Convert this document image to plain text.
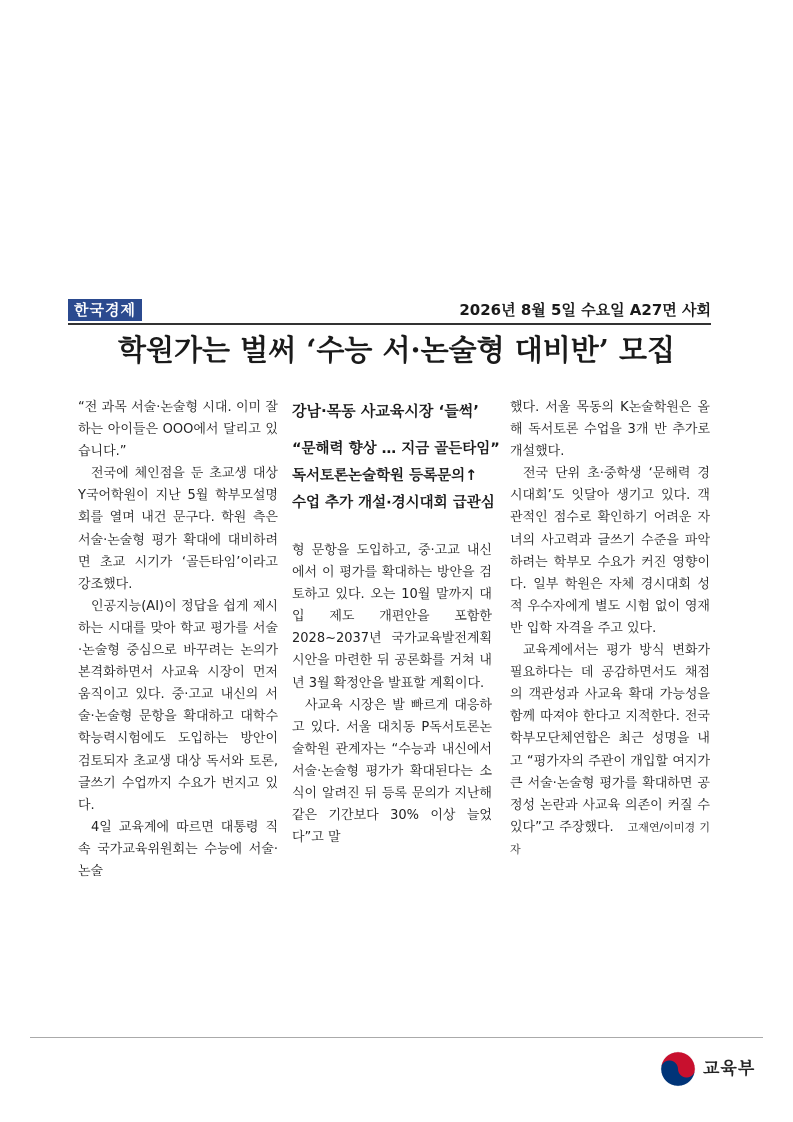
한국경제	2026년 8월 5일 수요일 A27면 사회
학원가는 벌써 ‘수능 서·논술형 대비반’ 모집

“전 과목 서술·논술형 시대. 이미 잘하는 아이들은 OOO에서 달리고 있습니다.”

전국에 체인점을 둔 초교생 대상 Y국어학원이 지난 5월 학부모설명회를 열며 내건 문구다. 학원 측은 서술·논술형 평가 확대에 대비하려면 초교 시기가 ‘골든타임’이라고 강조했다.

인공지능(AI)이 정답을 쉽게 제시하는 시대를 맞아 학교 평가를 서술·논술형 중심으로 바꾸려는 논의가 본격화하면서 사교육 시장이 먼저 움직이고 있다. 중·고교 내신의 서술·논술형 문항을 확대하고 대학수학능력시험에도 도입하는 방안이 검토되자 초교생 대상 독서와 토론, 글쓰기 수업까지 수요가 번지고 있다.

4일 교육계에 따르면 대통령 직속 국가교육위원회는 수능에 서술·논술

강남·목동 사교육시장 ‘들썩’
“문해력 향상 … 지금 골든타임”
독서토론논술학원 등록문의↑
수업 추가 개설·경시대회 급관심

형 문항을 도입하고, 중·고교 내신에서 이 평가를 확대하는 방안을 검토하고 있다. 오는 10월 말까지 대입 제도 개편안을 포함한 2028~2037년 국가교육발전계획 시안을 마련한 뒤 공론화를 거쳐 내년 3월 확정안을 발표할 계획이다.

사교육 시장은 발 빠르게 대응하고 있다. 서울 대치동 P독서토론논술학원 관계자는 “수능과 내신에서 서술·논술형 평가가 확대된다는 소식이 알려진 뒤 등록 문의가 지난해 같은 기간보다 30% 이상 늘었다”고 말

했다. 서울 목동의 K논술학원은 올해 독서토론 수업을 3개 반 추가로 개설했다.

전국 단위 초·중학생 ‘문해력 경시대회’도 잇달아 생기고 있다. 객관적인 점수로 확인하기 어려운 자녀의 사고력과 글쓰기 수준을 파악하려는 학부모 수요가 커진 영향이다. 일부 학원은 자체 경시대회 성적 우수자에게 별도 시험 없이 영재반 입학 자격을 주고 있다.

교육계에서는 평가 방식 변화가 필요하다는 데 공감하면서도 채점의 객관성과 사교육 확대 가능성을 함께 따져야 한다고 지적한다. 전국학부모단체연합은 최근 성명을 내고 “평가자의 주관이 개입할 여지가 큰 서술·논술형 평가를 확대하면 공정성 논란과 사교육 의존이 커질 수 있다”고 주장했다. 고재연/이미경 기자

교육부
